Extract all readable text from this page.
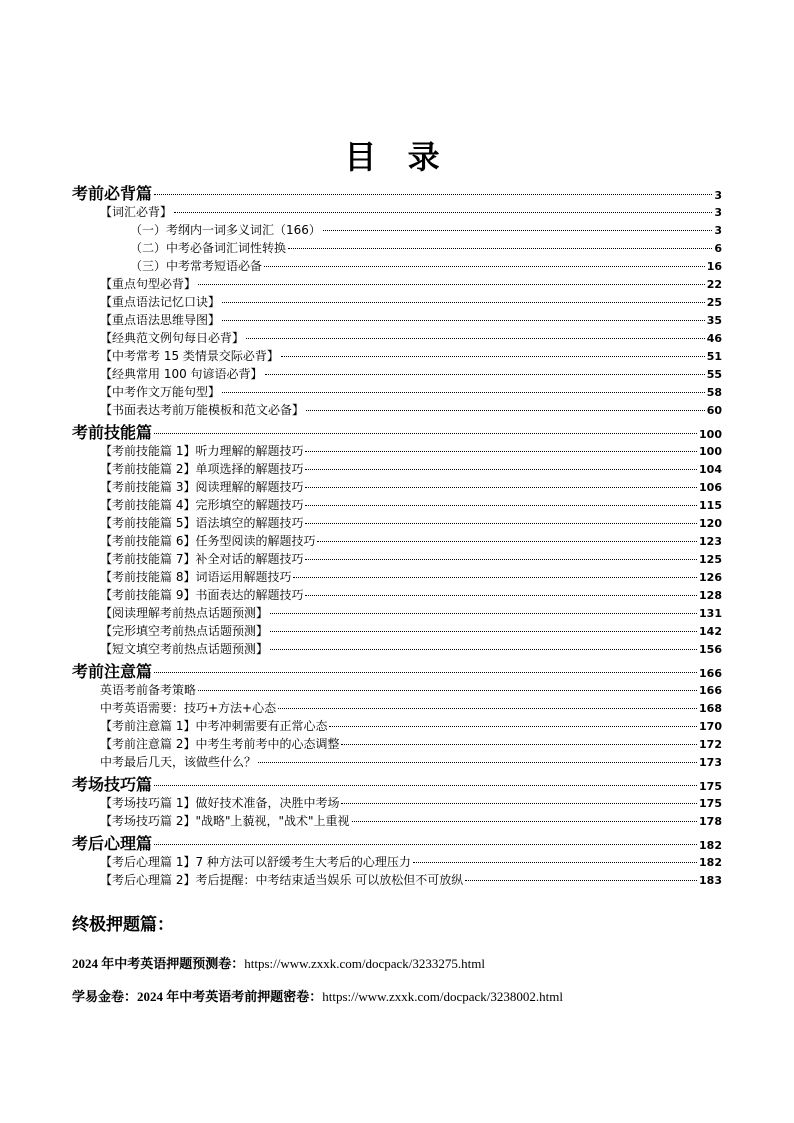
目 录
考前必背篇	3
【词汇必背】	3
（一）考纲内一词多义词汇（166）	3
（二）中考必备词汇词性转换	6
（三）中考常考短语必备	16
【重点句型必背】	22
【重点语法记忆口诀】	25
【重点语法思维导图】	35
【经典范文例句每日必背】	46
【中考常考 15 类情景交际必背】	51
【经典常用 100 句谚语必背】	55
【中考作文万能句型】	58
【书面表达考前万能模板和范文必备】	60
考前技能篇	100
【考前技能篇 1】听力理解的解题技巧	100
【考前技能篇 2】单项选择的解题技巧	104
【考前技能篇 3】阅读理解的解题技巧	106
【考前技能篇 4】完形填空的解题技巧	115
【考前技能篇 5】语法填空的解题技巧	120
【考前技能篇 6】任务型阅读的解题技巧	123
【考前技能篇 7】补全对话的解题技巧	125
【考前技能篇 8】词语运用解题技巧	126
【考前技能篇 9】书面表达的解题技巧	128
【阅读理解考前热点话题预测】	131
【完形填空考前热点话题预测】	142
【短文填空考前热点话题预测】	156
考前注意篇	166
英语考前备考策略	166
中考英语需要：技巧+方法+心态	168
【考前注意篇 1】中考冲刺需要有正常心态	170
【考前注意篇 2】中考生考前考中的心态调整	172
中考最后几天，该做些什么？	173
考场技巧篇	175
【考场技巧篇 1】做好技术准备，决胜中考场	175
【考场技巧篇 2】"战略"上藐视，"战术"上重视	178
考后心理篇	182
【考后心理篇 1】7 种方法可以舒缓考生大考后的心理压力	182
【考后心理篇 2】考后提醒：中考结束适当娱乐 可以放松但不可放纵	183
终极押题篇：
2024 年中考英语押题预测卷：https://www.zxxk.com/docpack/3233275.html
学易金卷：2024 年中考英语考前押题密卷：https://www.zxxk.com/docpack/3238002.html
